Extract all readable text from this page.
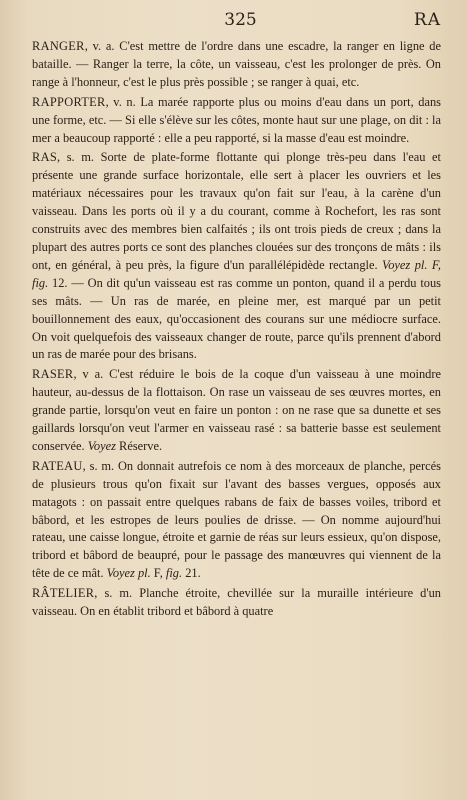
325	RA

RANGER, v. a. C'est mettre de l'ordre dans une escadre, la ranger en ligne de bataille. — Ranger la terre, la côte, un vaisseau, c'est les prolonger de près. On range à l'honneur, c'est le plus près possible ; se ranger à quai, etc.

RAPPORTER, v. n. La marée rapporte plus ou moins d'eau dans un port, dans une forme, etc. — Si elle s'élève sur les côtes, monte haut sur une plage, on dit : la mer a beaucoup rapporté : elle a peu rapporté, si la masse d'eau est moindre.

RAS, s. m. Sorte de plate-forme flottante qui plonge très-peu dans l'eau et présente une grande surface horizontale, elle sert à placer les ouvriers et les matériaux nécessaires pour les travaux qu'on fait sur l'eau, à la carène d'un vaisseau. Dans les ports où il y a du courant, comme à Rochefort, les ras sont construits avec des membres bien calfaités ; ils ont trois pieds de creux ; dans la plupart des autres ports ce sont des planches clouées sur des tronçons de mâts : ils ont, en général, à peu près, la figure d'un parallélépidède rectangle. Voyez pl. F, fig. 12. — On dit qu'un vaisseau est ras comme un ponton, quand il a perdu tous ses mâts. — Un ras de marée, en pleine mer, est marqué par un petit bouillonnement des eaux, qu'occasionent des courans sur une médiocre surface. On voit quelquefois des vaisseaux changer de route, parce qu'ils prennent d'abord un ras de marée pour des brisans.

RASER, v a. C'est réduire le bois de la coque d'un vaisseau à une moindre hauteur, au-dessus de la flottaison. On rase un vaisseau de ses œuvres mortes, en grande partie, lorsqu'on veut en faire un ponton : on ne rase que sa dunette et ses gaillards lorsqu'on veut l'armer en vaisseau rasé : sa batterie basse est seulement conservée. Voyez Réserve.

RATEAU, s. m. On donnait autrefois ce nom à des morceaux de planche, percés de plusieurs trous qu'on fixait sur l'avant des basses vergues, opposés aux matagots : on passait entre quelques rabans de faix de basses voiles, tribord et bâbord, et les estropes de leurs poulies de drisse. — On nomme aujourd'hui rateau, une caisse longue, étroite et garnie de réas sur leurs essieux, qu'on dispose, tribord et bâbord de beaupré, pour le passage des manœuvres qui viennent de la tête de ce mât. Voyez pl. F, fig. 21.

RÂTELIER, s. m. Planche étroite, chevillée sur la muraille intérieure d'un vaisseau. On en établit tribord et bâbord à quatre
